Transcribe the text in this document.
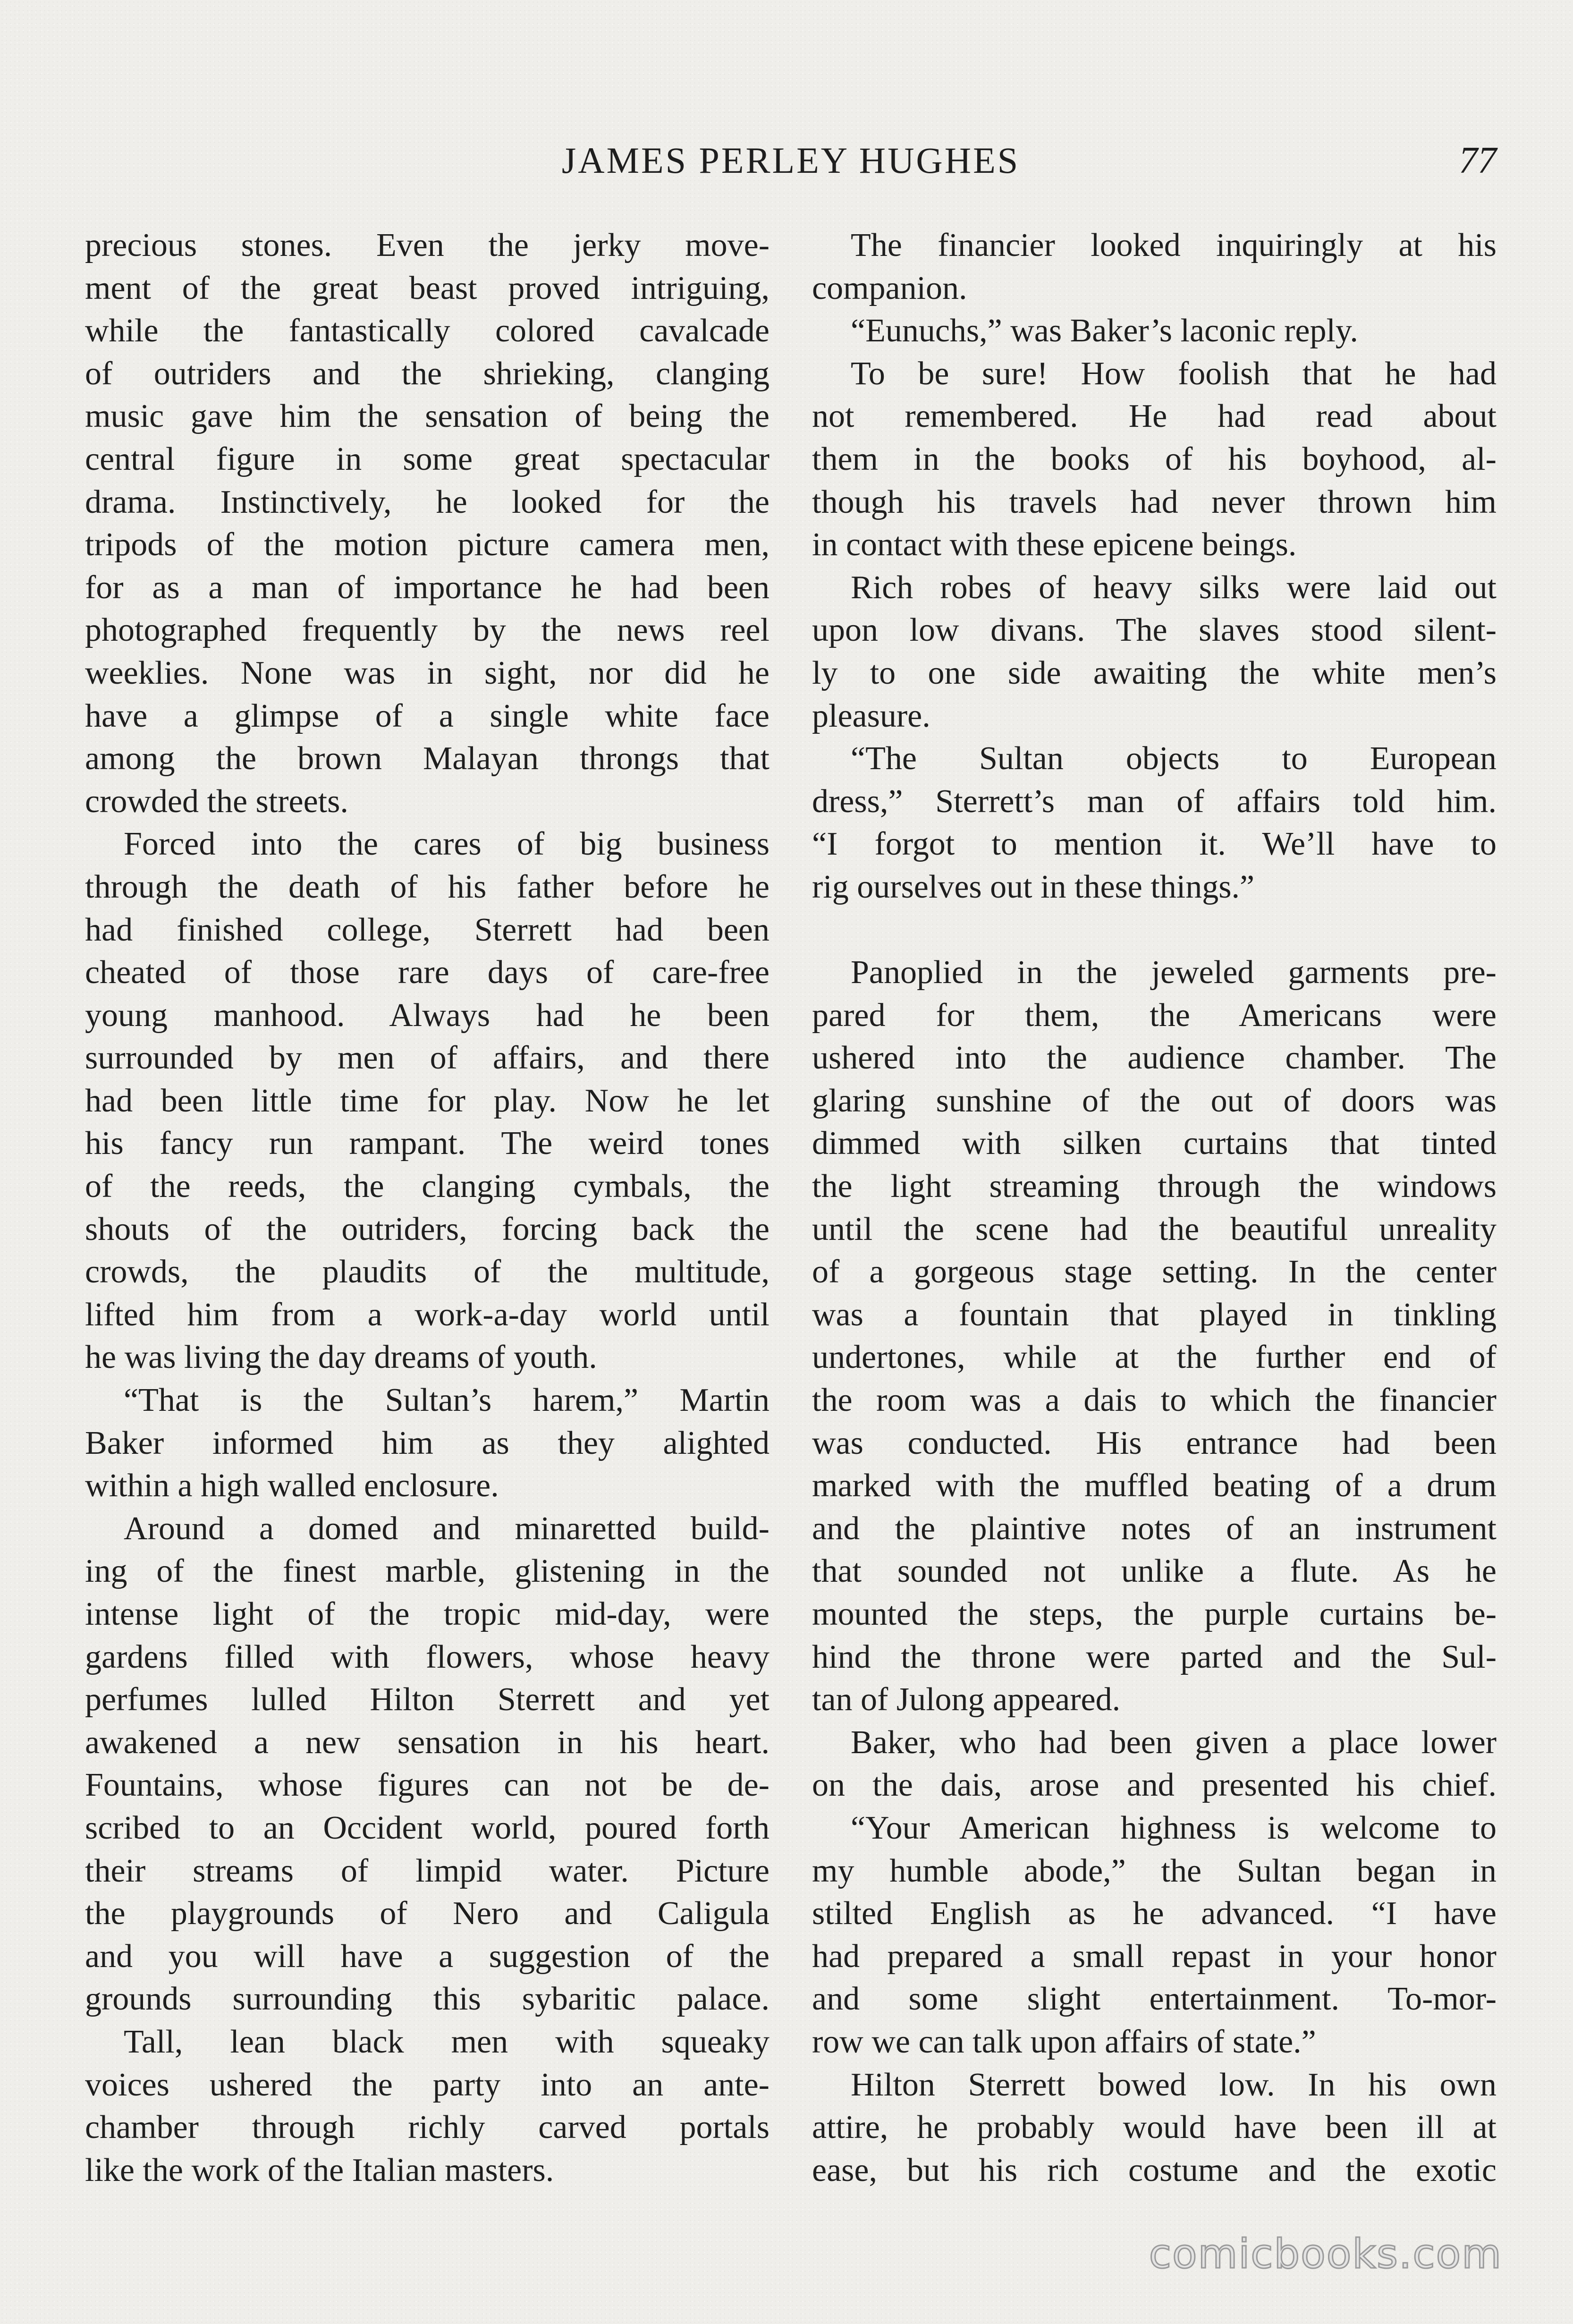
JAMES PERLEY HUGHES	77
precious stones. Even the jerky move-
ment of the great beast proved intriguing,
while the fantastically colored cavalcade
of outriders and the shrieking, clanging
music gave him the sensation of being the
central figure in some great spectacular
drama. Instinctively, he looked for the
tripods of the motion picture camera men,
for as a man of importance he had been
photographed frequently by the news reel
weeklies. None was in sight, nor did he
have a glimpse of a single white face
among the brown Malayan throngs that
crowded the streets.
Forced into the cares of big business
through the death of his father before he
had finished college, Sterrett had been
cheated of those rare days of care-free
young manhood. Always had he been
surrounded by men of affairs, and there
had been little time for play. Now he let
his fancy run rampant. The weird tones
of the reeds, the clanging cymbals, the
shouts of the outriders, forcing back the
crowds, the plaudits of the multitude,
lifted him from a work-a-day world until
he was living the day dreams of youth.
“That is the Sultan’s harem,” Martin
Baker informed him as they alighted
within a high walled enclosure.
Around a domed and minaretted build-
ing of the finest marble, glistening in the
intense light of the tropic mid-day, were
gardens filled with flowers, whose heavy
perfumes lulled Hilton Sterrett and yet
awakened a new sensation in his heart.
Fountains, whose figures can not be de-
scribed to an Occident world, poured forth
their streams of limpid water. Picture
the playgrounds of Nero and Caligula
and you will have a suggestion of the
grounds surrounding this sybaritic palace.
Tall, lean black men with squeaky
voices ushered the party into an ante-
chamber through richly carved portals
like the work of the Italian masters.
The financier looked inquiringly at his
companion.
“Eunuchs,” was Baker’s laconic reply.
To be sure! How foolish that he had
not remembered. He had read about
them in the books of his boyhood, al-
though his travels had never thrown him
in contact with these epicene beings.
Rich robes of heavy silks were laid out
upon low divans. The slaves stood silent-
ly to one side awaiting the white men’s
pleasure.
“The Sultan objects to European
dress,” Sterrett’s man of affairs told him.
“I forgot to mention it. We’ll have to
rig ourselves out in these things.”
Panoplied in the jeweled garments pre-
pared for them, the Americans were
ushered into the audience chamber. The
glaring sunshine of the out of doors was
dimmed with silken curtains that tinted
the light streaming through the windows
until the scene had the beautiful unreality
of a gorgeous stage setting. In the center
was a fountain that played in tinkling
undertones, while at the further end of
the room was a dais to which the financier
was conducted. His entrance had been
marked with the muffled beating of a drum
and the plaintive notes of an instrument
that sounded not unlike a flute. As he
mounted the steps, the purple curtains be-
hind the throne were parted and the Sul-
tan of Julong appeared.
Baker, who had been given a place lower
on the dais, arose and presented his chief.
“Your American highness is welcome to
my humble abode,” the Sultan began in
stilted English as he advanced. “I have
had prepared a small repast in your honor
and some slight entertainment. To-mor-
row we can talk upon affairs of state.”
Hilton Sterrett bowed low. In his own
attire, he probably would have been ill at
ease, but his rich costume and the exotic
comicbooks.com
